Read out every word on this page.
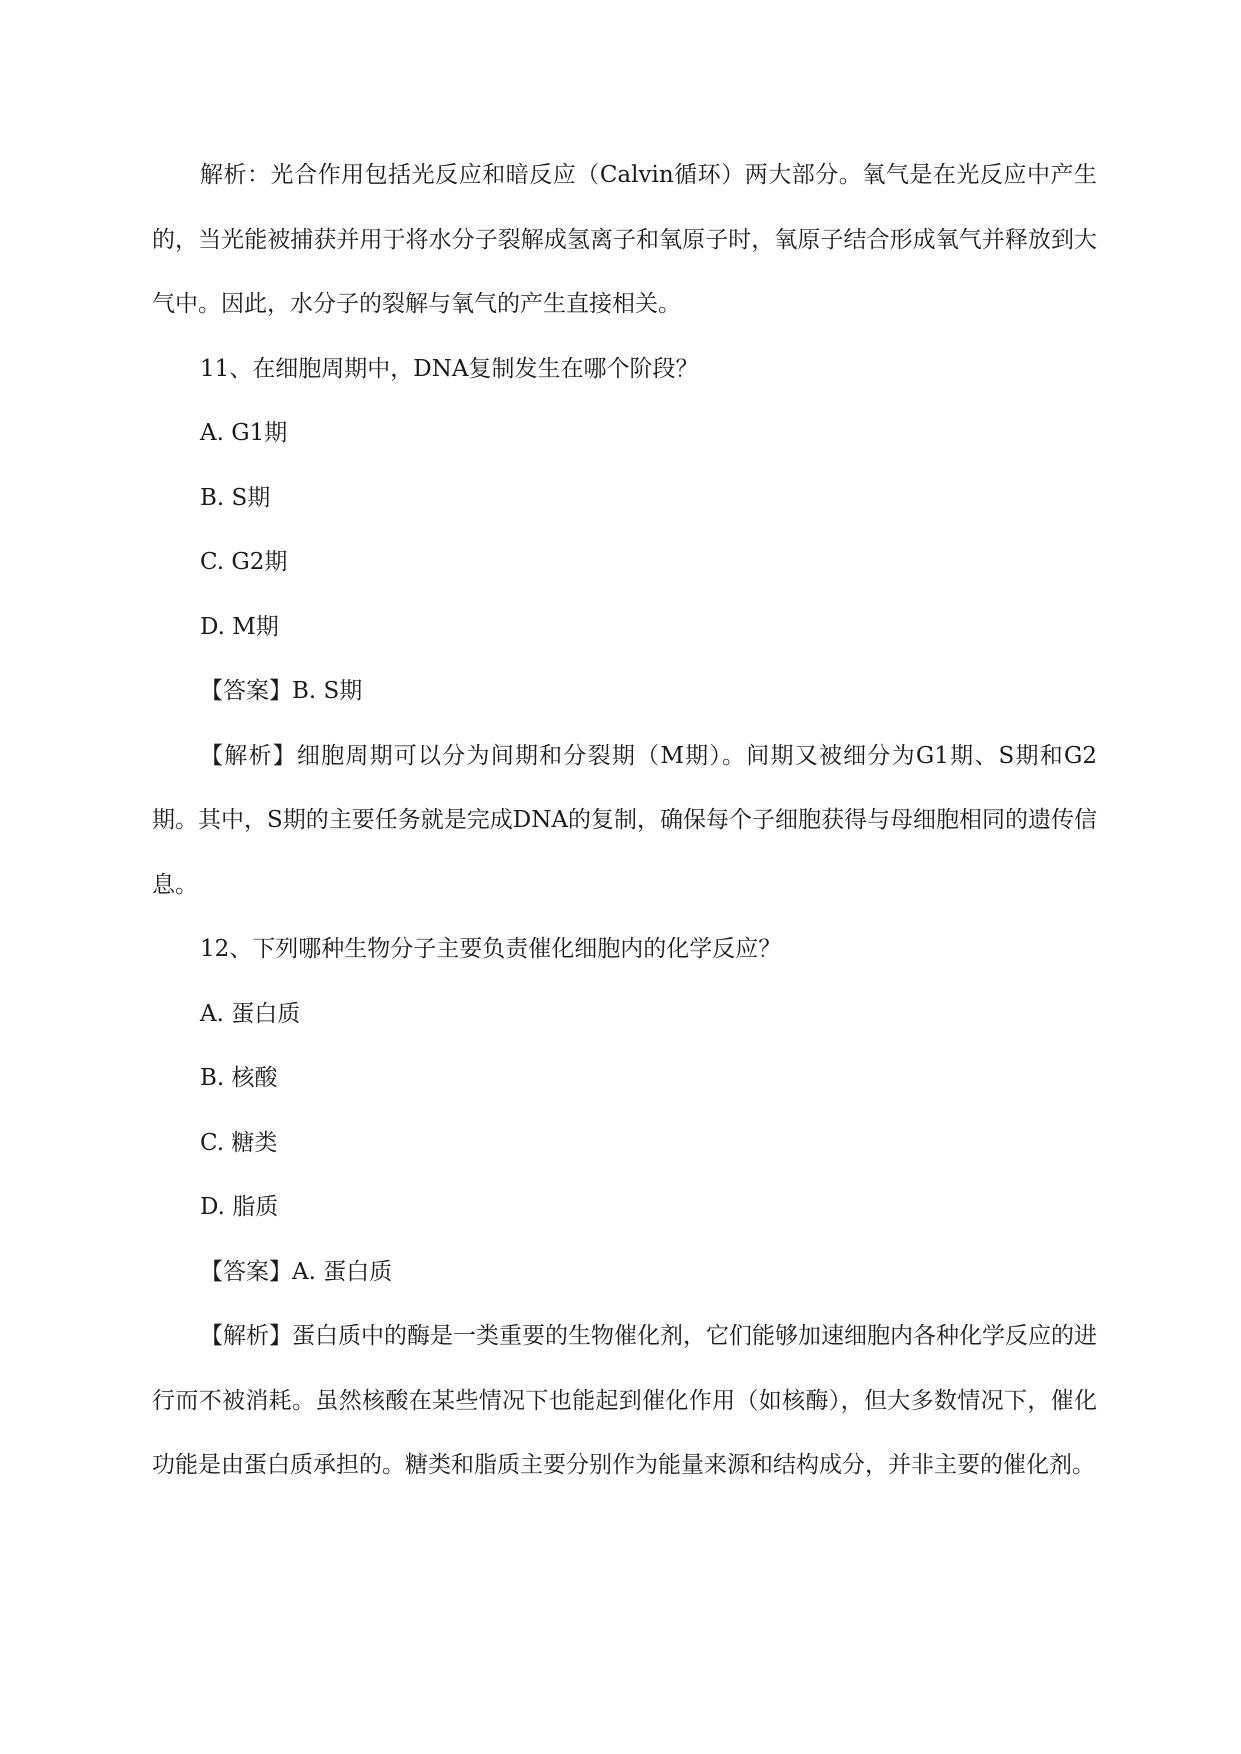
解析：光合作用包括光反应和暗反应（Calvin循环）两大部分。氧气是在光反应中产生的，当光能被捕获并用于将水分子裂解成氢离子和氧原子时，氧原子结合形成氧气并释放到大气中。因此，水分子的裂解与氧气的产生直接相关。

11、在细胞周期中，DNA复制发生在哪个阶段？

A. G1期

B. S期

C. G2期

D. M期

【答案】B. S期

【解析】细胞周期可以分为间期和分裂期（M期）。间期又被细分为G1期、S期和G2期。其中，S期的主要任务就是完成DNA的复制，确保每个子细胞获得与母细胞相同的遗传信息。

12、下列哪种生物分子主要负责催化细胞内的化学反应？

A. 蛋白质

B. 核酸

C. 糖类

D. 脂质

【答案】A. 蛋白质

【解析】蛋白质中的酶是一类重要的生物催化剂，它们能够加速细胞内各种化学反应的进行而不被消耗。虽然核酸在某些情况下也能起到催化作用（如核酶），但大多数情况下，催化功能是由蛋白质承担的。糖类和脂质主要分别作为能量来源和结构成分，并非主要的催化剂。
